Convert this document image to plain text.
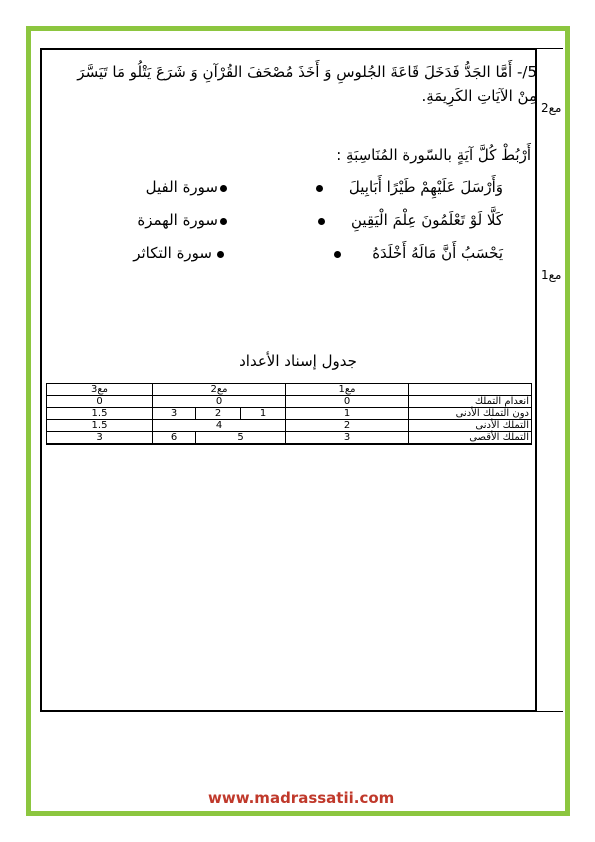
مع2
مع1
5/- أَمَّا الجَدُّ فَدَخَلَ قَاعَةَ الجُلوسِ وَ أَخَذَ مُصْحَفَ القُرْآنِ وَ شَرَعَ يَتْلُو مَا تَيَسَّرَ مِنْ الآيَاتِ الكَرِيمَةِ.
أَرْبُطْ كُلَّ آيَةٍ بالسّورة المُنَاسِبَةِ :
وَأَرْسَلَ عَلَيْهِمْ طَيْرًا أَبَابِيلَ
كَلَّا لَوْ تَعْلَمُونَ عِلْمَ الْيَقِينِ
يَحْسَبُ أَنَّ مَالَهُ أَخْلَدَهُ
سورة الفيل
سورة الهمزة
سورة التكاثر
جدول إسناد الأعداد
	مع1	مع2			مع3
انعدام التملك	0	0			0
دون التملك الأدنى	1	1	2	3	1.5
التملك الأدنى	2	4			1.5
التملك الأقصى	3	5		6	3
www.madrassatii.com
